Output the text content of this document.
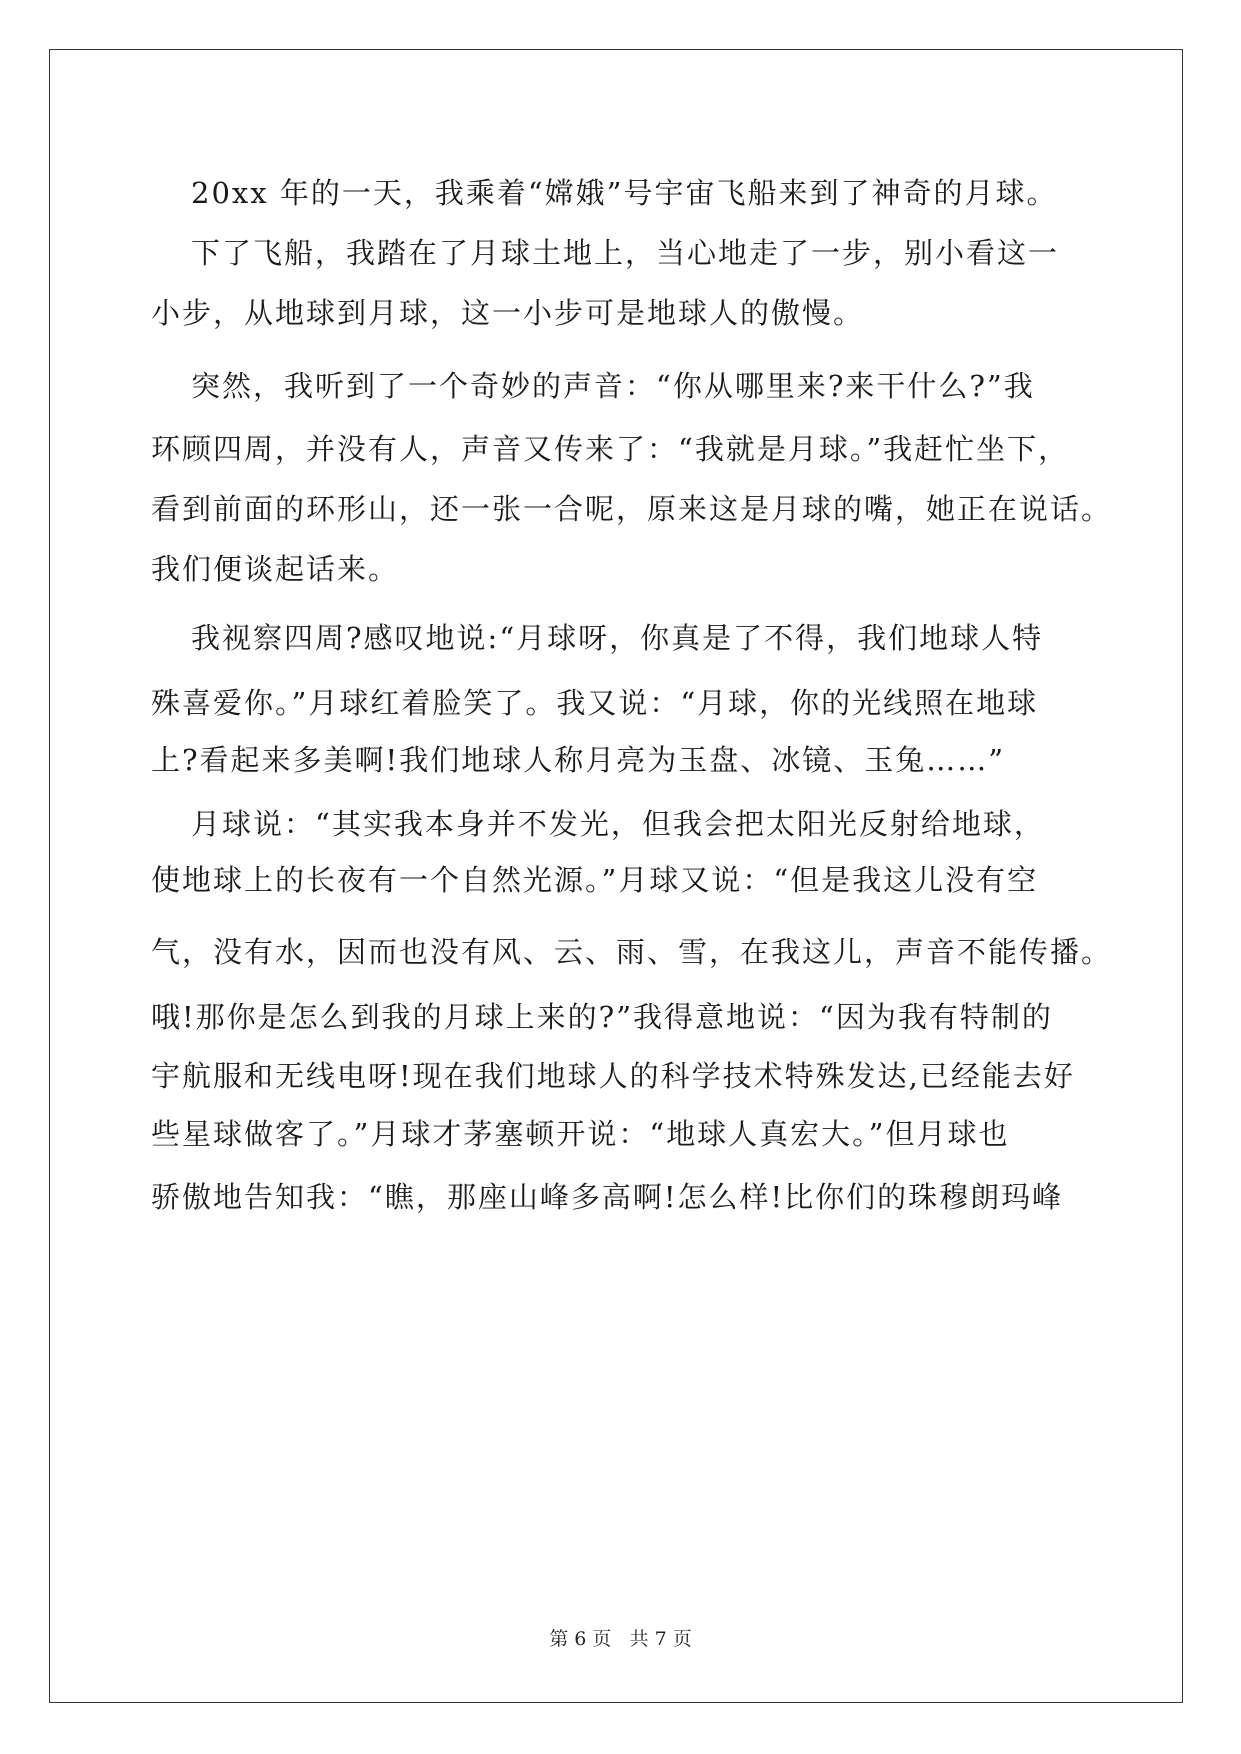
20xx 年的一天，我乘着“嫦娥”号宇宙飞船来到了神奇的月球。
下了飞船，我踏在了月球土地上，当心地走了一步，别小看这一
小步，从地球到月球，这一小步可是地球人的傲慢。
突然，我听到了一个奇妙的声音：“你从哪里来?来干什么?”我
环顾四周，并没有人，声音又传来了：“我就是月球。”我赶忙坐下，
看到前面的环形山，还一张一合呢，原来这是月球的嘴，她正在说话。
我们便谈起话来。
我视察四周?感叹地说:“月球呀，你真是了不得，我们地球人特
殊喜爱你。”月球红着脸笑了。我又说：“月球，你的光线照在地球
上?看起来多美啊!我们地球人称月亮为玉盘、冰镜、玉兔……”
月球说：“其实我本身并不发光，但我会把太阳光反射给地球，
使地球上的长夜有一个自然光源。”月球又说：“但是我这儿没有空
气，没有水，因而也没有风、云、雨、雪，在我这儿，声音不能传播。
哦!那你是怎么到我的月球上来的?”我得意地说：“因为我有特制的
宇航服和无线电呀!现在我们地球人的科学技术特殊发达,已经能去好
些星球做客了。”月球才茅塞顿开说：“地球人真宏大。”但月球也
骄傲地告知我：“瞧，那座山峰多高啊!怎么样!比你们的珠穆朗玛峰
第 6 页   共 7 页
